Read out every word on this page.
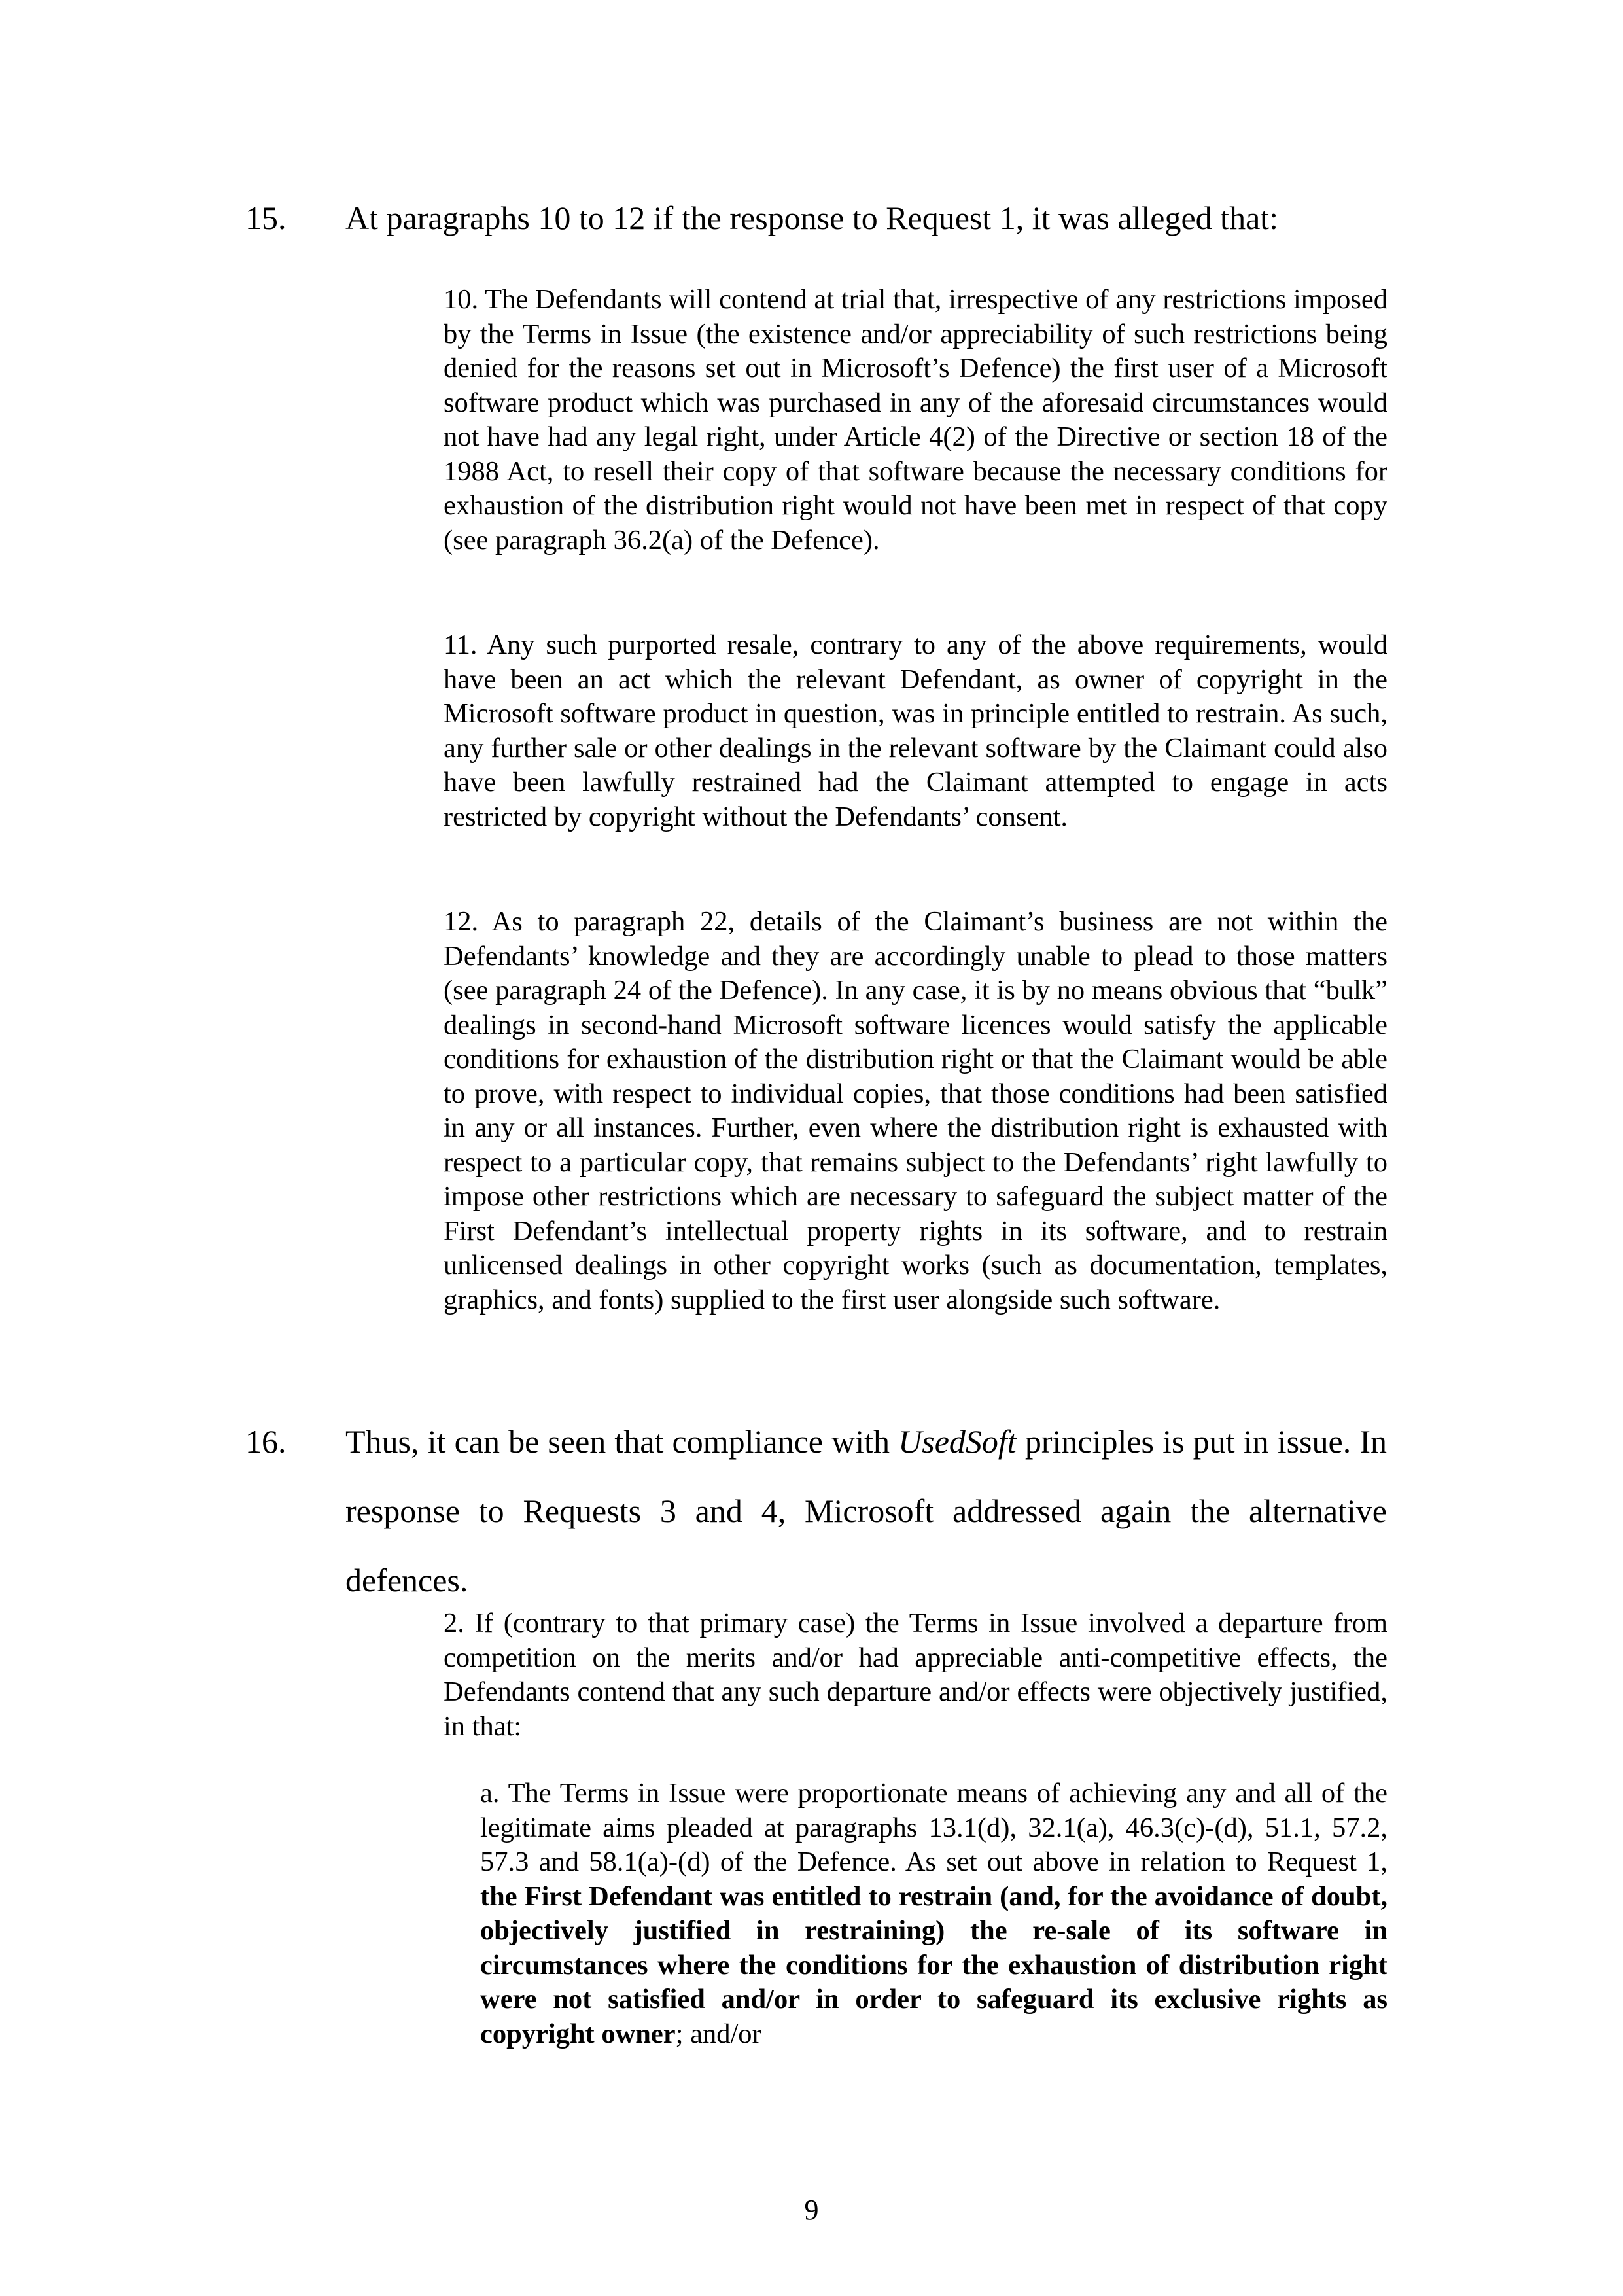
15. At paragraphs 10 to 12 if the response to Request 1, it was alleged that:
10. The Defendants will contend at trial that, irrespective of any restrictions imposed by the Terms in Issue (the existence and/or appreciability of such restrictions being denied for the reasons set out in Microsoft’s Defence) the first user of a Microsoft software product which was purchased in any of the aforesaid circumstances would not have had any legal right, under Article 4(2) of the Directive or section 18 of the 1988 Act, to resell their copy of that software because the necessary conditions for exhaustion of the distribution right would not have been met in respect of that copy (see paragraph 36.2(a) of the Defence).
11. Any such purported resale, contrary to any of the above requirements, would have been an act which the relevant Defendant, as owner of copyright in the Microsoft software product in question, was in principle entitled to restrain. As such, any further sale or other dealings in the relevant software by the Claimant could also have been lawfully restrained had the Claimant attempted to engage in acts restricted by copyright without the Defendants’ consent.
12. As to paragraph 22, details of the Claimant’s business are not within the Defendants’ knowledge and they are accordingly unable to plead to those matters (see paragraph 24 of the Defence). In any case, it is by no means obvious that “bulk” dealings in second-hand Microsoft software licences would satisfy the applicable conditions for exhaustion of the distribution right or that the Claimant would be able to prove, with respect to individual copies, that those conditions had been satisfied in any or all instances. Further, even where the distribution right is exhausted with respect to a particular copy, that remains subject to the Defendants’ right lawfully to impose other restrictions which are necessary to safeguard the subject matter of the First Defendant’s intellectual property rights in its software, and to restrain unlicensed dealings in other copyright works (such as documentation, templates, graphics, and fonts) supplied to the first user alongside such software.
16. Thus, it can be seen that compliance with UsedSoft principles is put in issue. In response to Requests 3 and 4, Microsoft addressed again the alternative defences.
2. If (contrary to that primary case) the Terms in Issue involved a departure from competition on the merits and/or had appreciable anti-competitive effects, the Defendants contend that any such departure and/or effects were objectively justified, in that:
a. The Terms in Issue were proportionate means of achieving any and all of the legitimate aims pleaded at paragraphs 13.1(d), 32.1(a), 46.3(c)-(d), 51.1, 57.2, 57.3 and 58.1(a)-(d) of the Defence. As set out above in relation to Request 1, the First Defendant was entitled to restrain (and, for the avoidance of doubt, objectively justified in restraining) the re-sale of its software in circumstances where the conditions for the exhaustion of distribution right were not satisfied and/or in order to safeguard its exclusive rights as copyright owner; and/or
9
